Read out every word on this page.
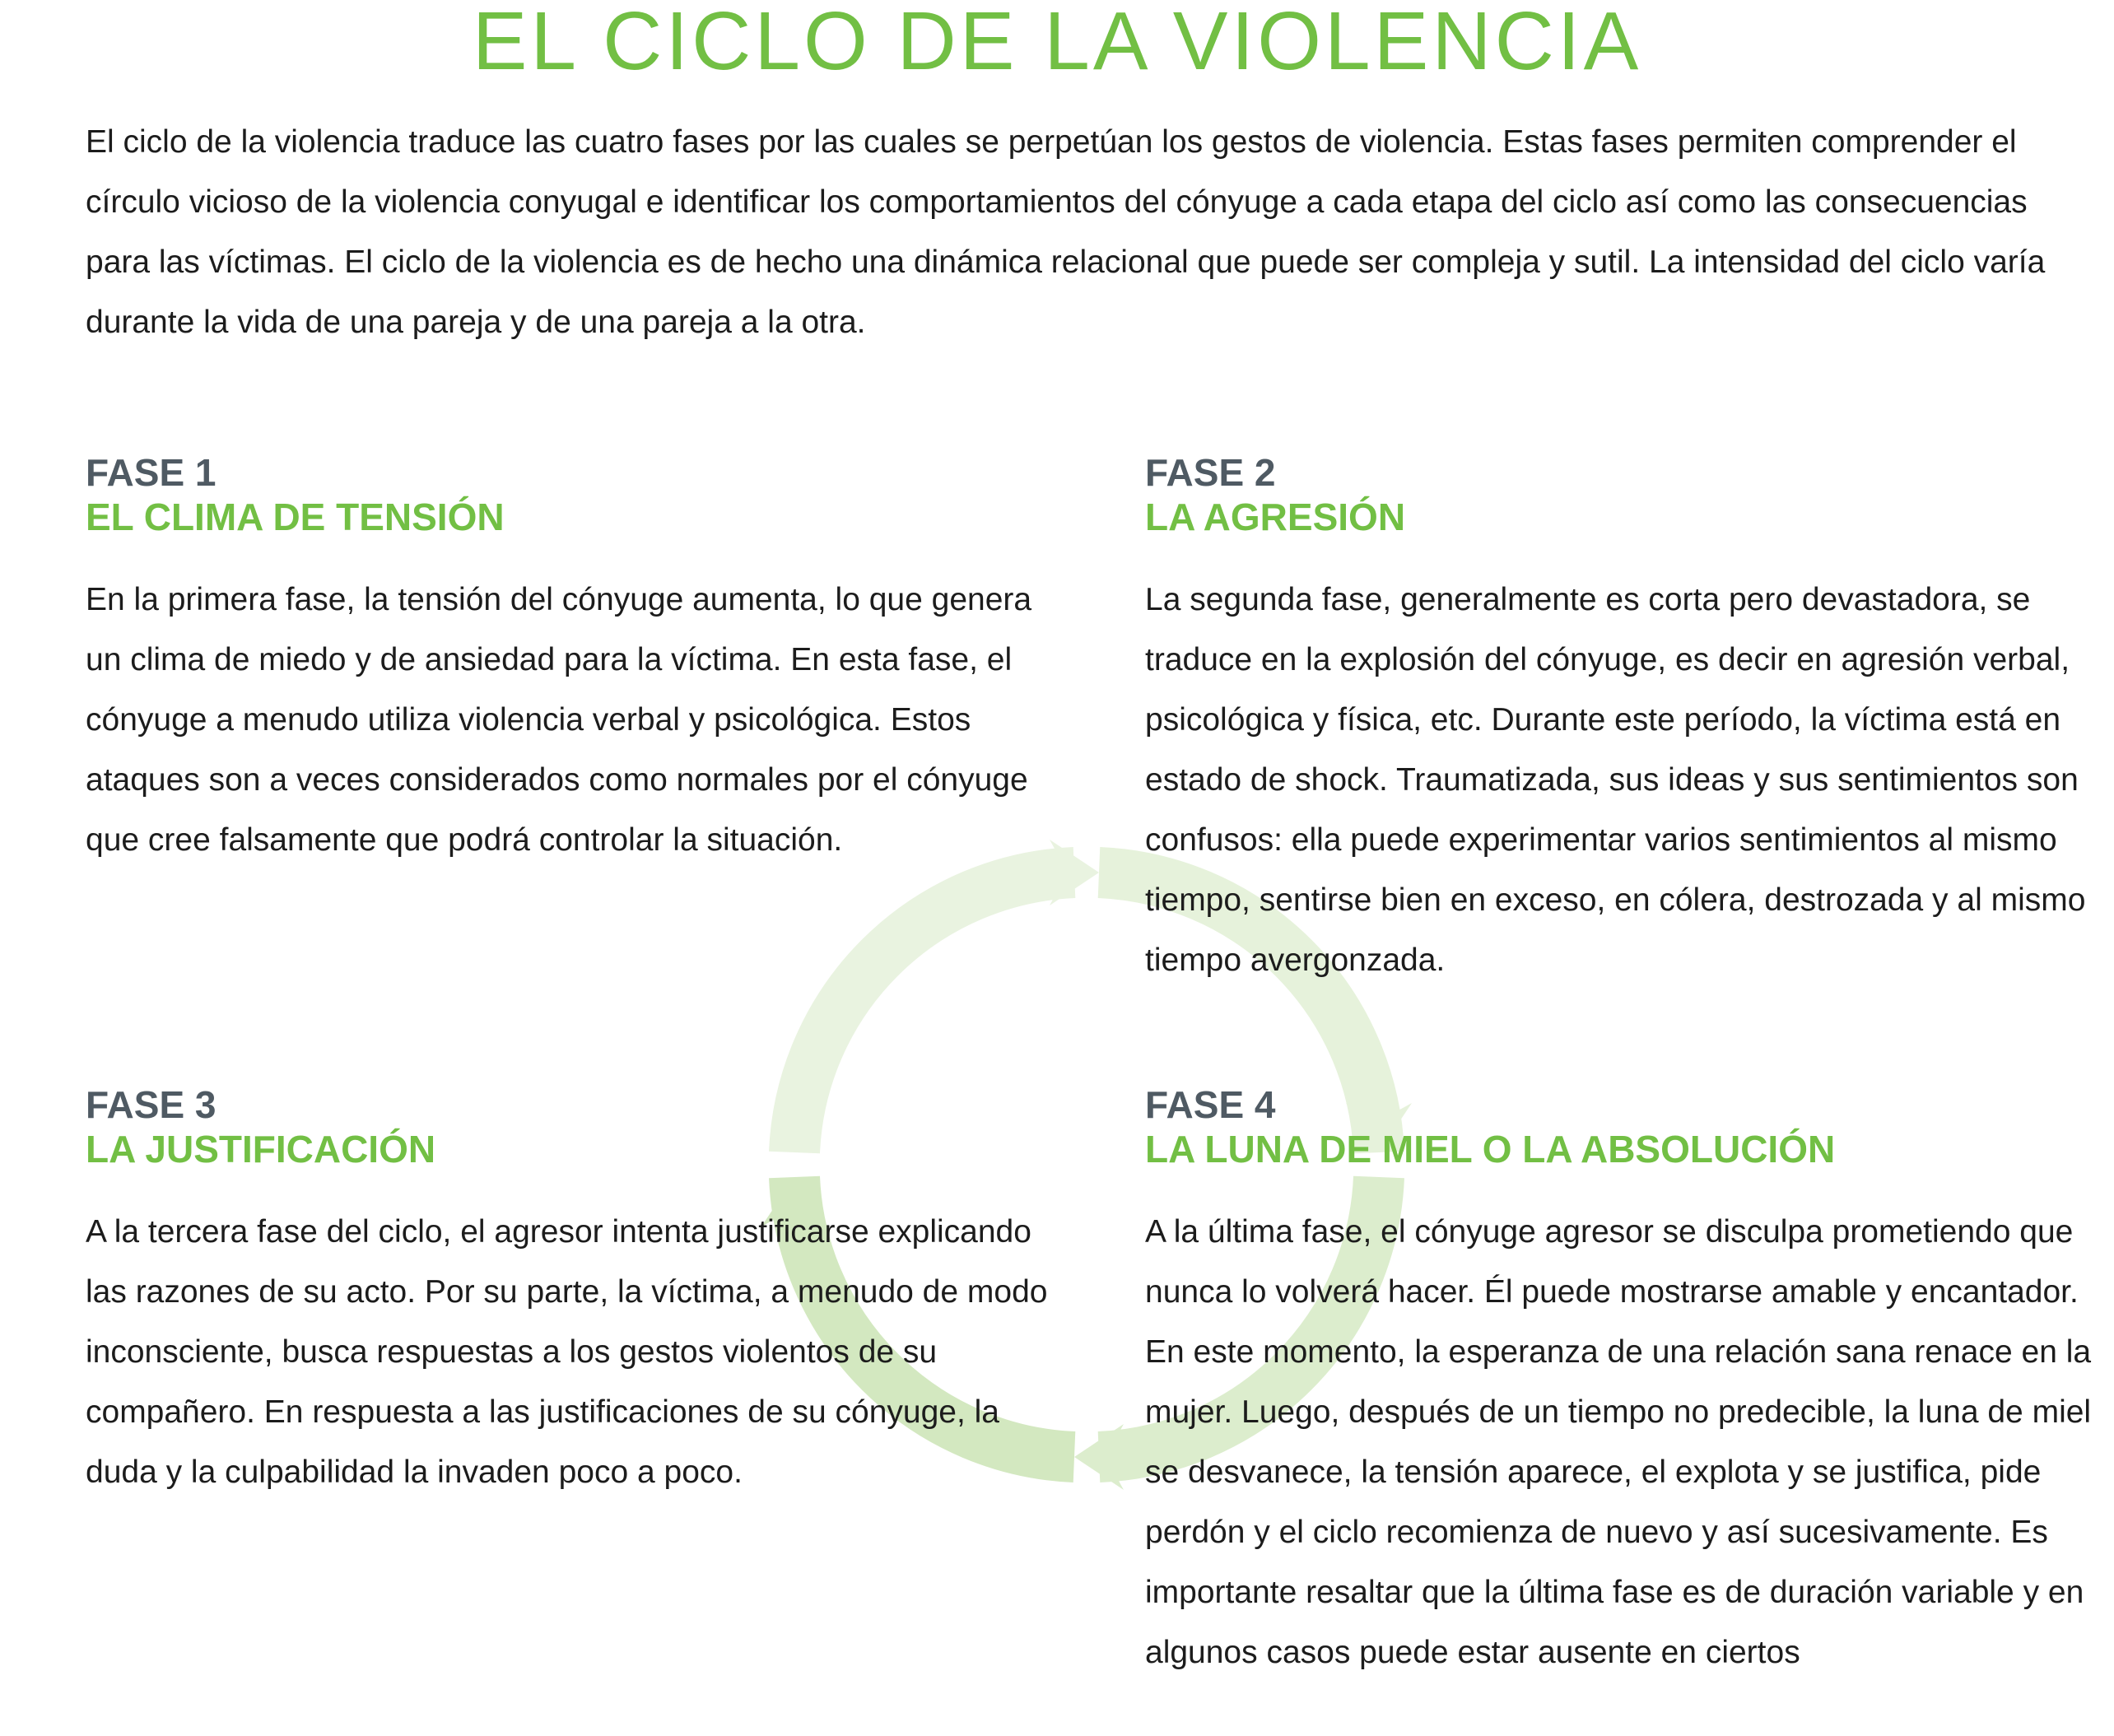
EL CICLO DE LA VIOLENCIA

El ciclo de la violencia traduce las cuatro fases por las cuales se perpetúan los gestos de violencia. Estas fases permiten comprender el círculo vicioso de la violencia conyugal e identificar los comportamientos del cónyuge a cada etapa del ciclo así como las consecuencias para las víctimas. El ciclo de la violencia es de hecho una dinámica relacional que puede ser compleja y sutil. La intensidad del ciclo varía durante la vida de una pareja y de una pareja a la otra.

FASE 1
EL CLIMA DE TENSIÓN

En la primera fase, la tensión del cónyuge aumenta, lo que genera un clima de miedo y de ansiedad para la víctima. En esta fase, el cónyuge a menudo utiliza violencia verbal y psicológica. Estos ataques son a veces considerados como normales por el cónyuge que cree falsamente que podrá controlar la situación.

FASE 2
LA AGRESIÓN

La segunda fase, generalmente es corta pero devastadora, se traduce en la explosión del cónyuge, es decir en agresión verbal, psicológica y física, etc. Durante este período, la víctima está en estado de shock. Traumatizada, sus ideas y sus sentimientos son confusos: ella puede experimentar varios sentimientos al mismo tiempo, sentirse bien en exceso, en cólera, destrozada y al mismo tiempo avergonzada.

FASE 3
LA JUSTIFICACIÓN

A la tercera fase del ciclo, el agresor intenta justificarse explicando las razones de su acto. Por su parte, la víctima, a menudo de modo inconsciente, busca respuestas a los gestos violentos de su compañero. En respuesta a las justificaciones de su cónyuge, la duda y la culpabilidad la invaden poco a poco.

FASE 4
LA LUNA DE MIEL O LA ABSOLUCIÓN

A la última fase, el cónyuge agresor se disculpa prometiendo que nunca lo volverá hacer. Él puede mostrarse amable y encantador. En este momento, la esperanza de una relación sana renace en la mujer. Luego, después de un tiempo no predecible, la luna de miel se desvanece, la tensión aparece, el explota y se justifica, pide perdón y el ciclo recomienza de nuevo y así sucesivamente. Es importante resaltar que la última fase es de duración variable y en algunos casos puede estar ausente en ciertos
